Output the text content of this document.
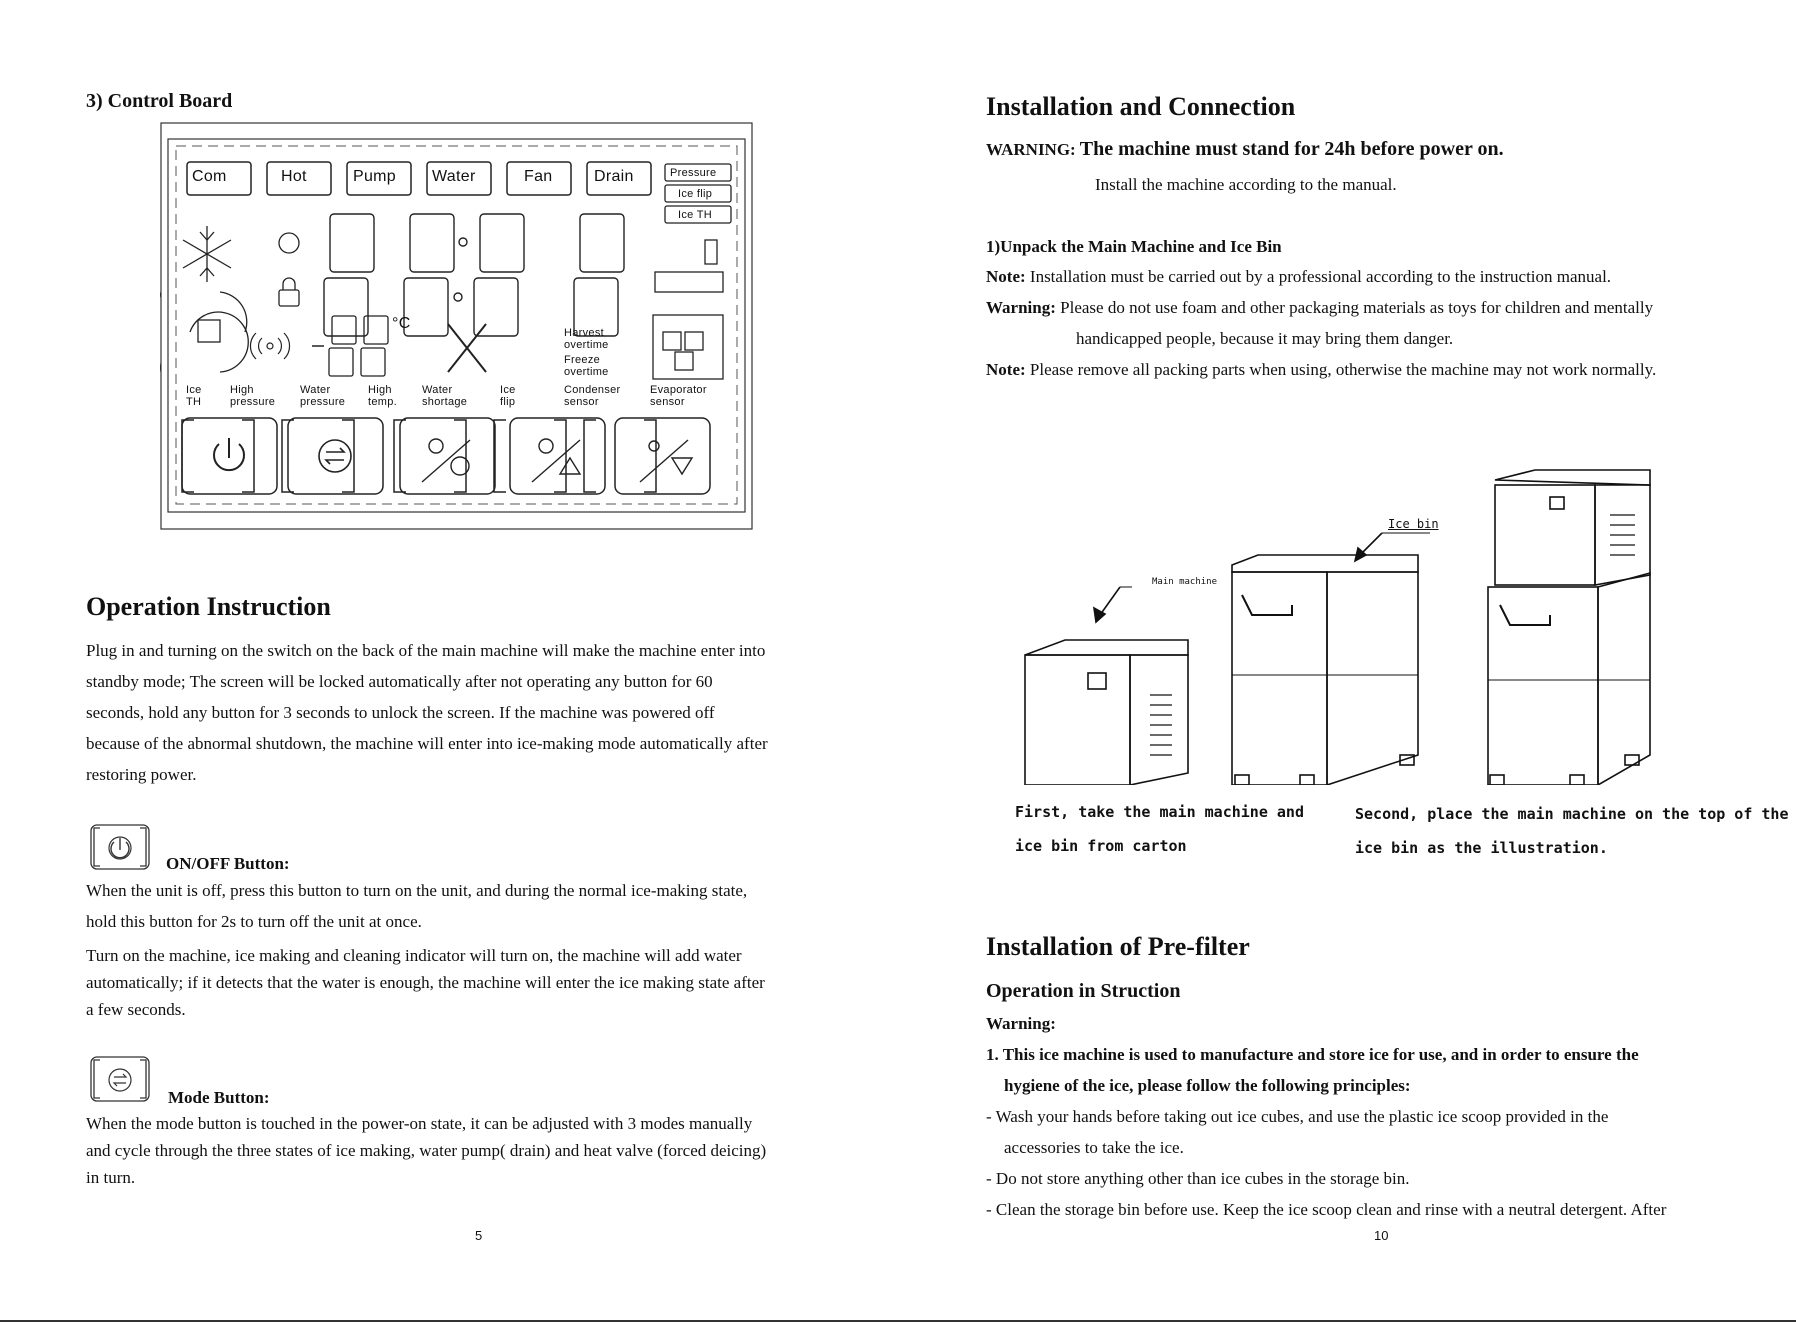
3) Control Board
Com	Hot	Pump Water	Fan	Drain	Pressure
Ice flip
Ice TH
°C
Harvest overtime
Freeze overtime
Ice
TH
High
pressure
Water
pressure
High
temp.
Water
shortage
Ice
flip
Condenser
sensor
Evaporator
sensor
Operation Instruction
Plug in and turning on the switch on the back of the main machine will make the machine enter into
standby mode; The screen will be locked automatically after not operating any button for 60
seconds, hold any button for 3 seconds to unlock the screen. If the machine was powered off
because of the abnormal shutdown, the machine will enter into ice-making mode automatically after
restoring power.
ON/OFF Button:
When the unit is off, press this button to turn on the unit, and during the normal ice-making state,
hold this button for 2s to turn off the unit at once.
Turn on the machine, ice making and cleaning indicator will turn on, the machine will add water
automatically; if it detects that the water is enough, the machine will enter the ice making state after
a few seconds.
Mode Button:
When the mode button is touched in the power-on state, it can be adjusted with 3 modes manually
and cycle through the three states of ice making, water pump( drain) and heat valve (forced deicing)
in turn.
5
Installation and Connection
WARNING: The machine must stand for 24h before power on.
Install the machine according to the manual.
1)Unpack the Main Machine and Ice Bin
Note: Installation must be carried out by a professional according to the instruction manual.
Warning: Please do not use foam and other packaging materials as toys for children and mentally
handicapped people, because it may bring them danger.
Note: Please remove all packing parts when using, otherwise the machine may not work normally.
Main machine
Ice bin
First, take the main machine and
ice bin from carton
Second, place the main machine on the top of the
ice bin as the illustration.
Installation of Pre-filter
Operation in Struction
Warning:
1. This ice machine is used to manufacture and store ice for use, and in order to ensure the
hygiene of the ice, please follow the following principles:
- Wash your hands before taking out ice cubes, and use the plastic ice scoop provided in the
accessories to take the ice.
- Do not store anything other than ice cubes in the storage bin.
- Clean the storage bin before use. Keep the ice scoop clean and rinse with a neutral detergent. After
10
